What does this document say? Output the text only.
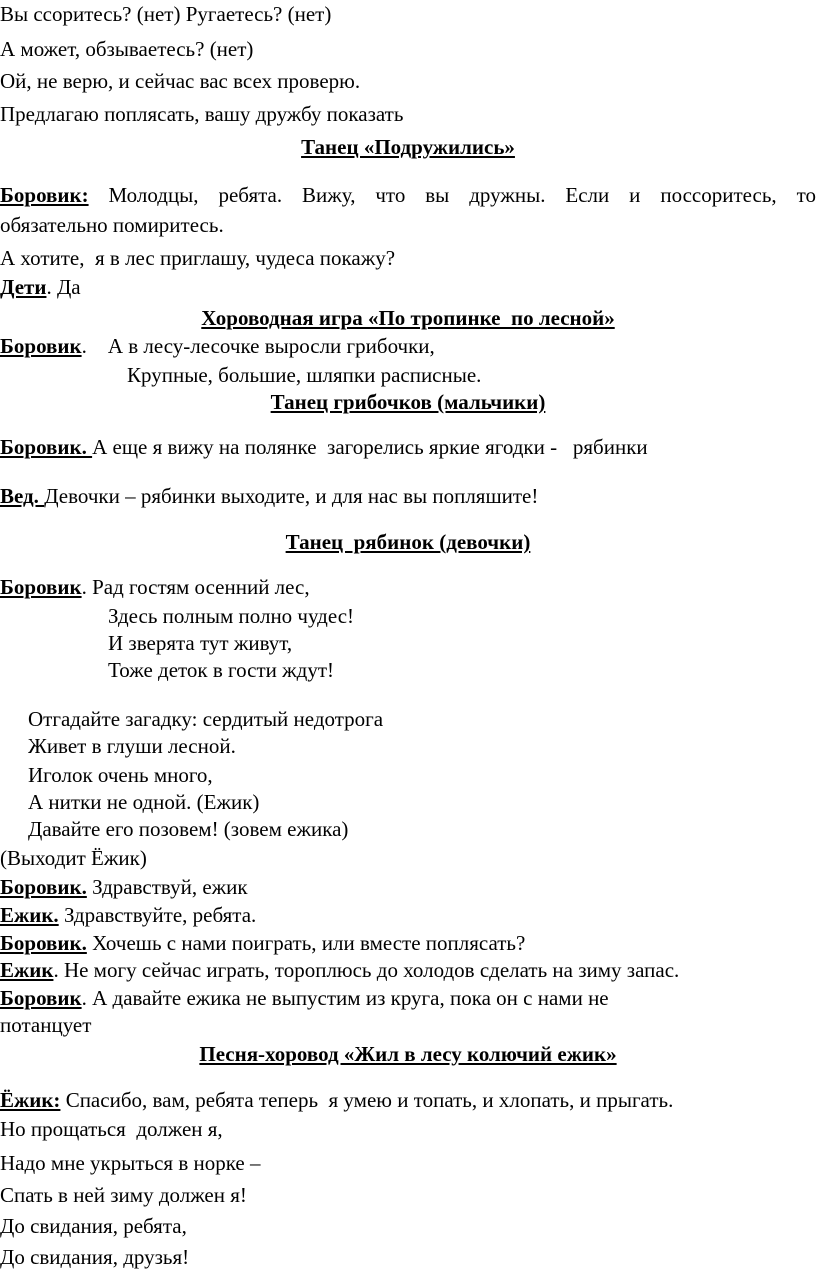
Вы ссоритесь? (нет) Ругаетесь? (нет)
А может, обзываетесь? (нет)
Ой, не верю, и сейчас вас всех проверю.
Предлагаю поплясать, вашу дружбу показать
Танец «Подружились»
Боровик: Молодцы, ребята. Вижу, что вы дружны. Если и поссоритесь, то
обязательно помиритесь.
А хотите,  я в лес приглашу, чудеса покажу?
Дети. Да
Хороводная игра «По тропинке  по лесной»
Боровик.    А в лесу-лесочке выросли грибочки,
Крупные, большие, шляпки расписные.
Танец грибочков (мальчики)
Боровик. А еще я вижу на полянке  загорелись яркие ягодки -   рябинки
Вед. Девочки – рябинки выходите, и для нас вы попляшите!
Танец  рябинок (девочки)
Боровик. Рад гостям осенний лес,
Здесь полным полно чудес!
И зверята тут живут,
Тоже деток в гости ждут!
Отгадайте загадку: сердитый недотрога
Живет в глуши лесной.
Иголок очень много,
А нитки не одной. (Ежик)
Давайте его позовем! (зовем ежика)
(Выходит Ёжик)
Боровик. Здравствуй, ежик
Ежик. Здравствуйте, ребята.
Боровик. Хочешь с нами поиграть, или вместе поплясать?
Ежик. Не могу сейчас играть, тороплюсь до холодов сделать на зиму запас.
Боровик. А давайте ежика не выпустим из круга, пока он с нами не
потанцует
Песня-хоровод «Жил в лесу колючий ежик»
Ёжик: Спасибо, вам, ребята теперь  я умею и топать, и хлопать, и прыгать.
Но прощаться  должен я,
Надо мне укрыться в норке –
Спать в ней зиму должен я!
До свидания, ребята,
До свидания, друзья!
